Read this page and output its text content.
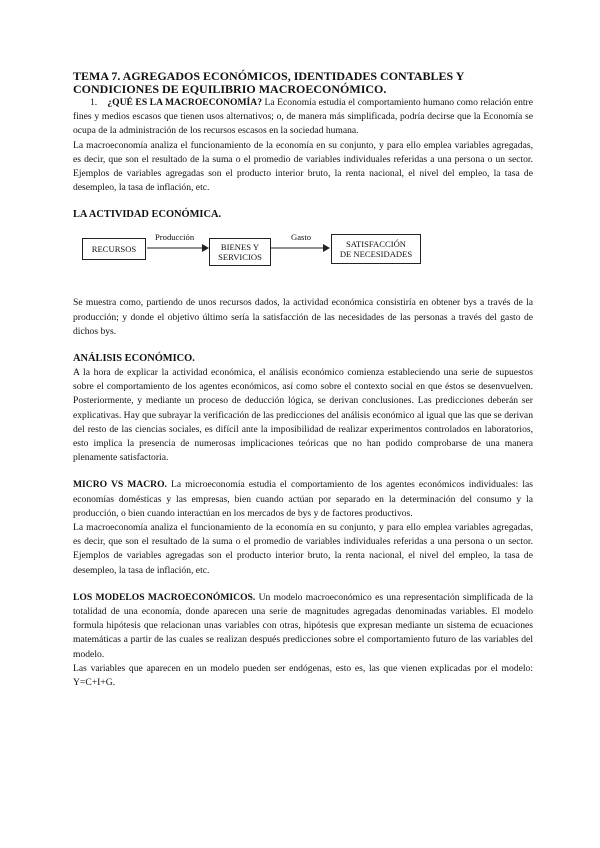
TEMA 7. AGREGADOS ECONÓMICOS, IDENTIDADES CONTABLES Y CONDICIONES DE EQUILIBRIO MACROECONÓMICO.

1. ¿QUÉ ES LA MACROECONOMÍA? La Economía estudia el comportamiento humano como relación entre fines y medios escasos que tienen usos alternativos; o, de manera más simplificada, podría decirse que la Economía se ocupa de la administración de los recursos escasos en la sociedad humana.

La macroeconomía analiza el funcionamiento de la economía en su conjunto, y para ello emplea variables agregadas, es decir, que son el resultado de la suma o el promedio de variables individuales referidas a una persona o un sector. Ejemplos de variables agregadas son el producto interior bruto, la renta nacional, el nivel del empleo, la tasa de desempleo, la tasa de inflación, etc.

LA ACTIVIDAD ECONÓMICA.
RECURSOS
Producción
BIENES Y
SERVICIOS
Gasto
SATISFACCIÓN
DE NECESIDADES

Se muestra como, partiendo de unos recursos dados, la actividad económica consistiría en obtener bys a través de la producción; y donde el objetivo último sería la satisfacción de las necesidades de las personas a través del gasto de dichos bys.

ANÁLISIS ECONÓMICO.

A la hora de explicar la actividad económica, el análisis económico comienza estableciendo una serie de supuestos sobre el comportamiento de los agentes económicos, así como sobre el contexto social en que éstos se desenvuelven. Posteriormente, y mediante un proceso de deducción lógica, se derivan conclusiones. Las predicciones deberán ser explicativas. Hay que subrayar la verificación de las predicciones del análisis económico al igual que las que se derivan del resto de las ciencias sociales, es difícil ante la imposibilidad de realizar experimentos controlados en laboratorios, esto implica la presencia de numerosas implicaciones teóricas que no han podido comprobarse de una manera plenamente satisfactoria.

MICRO VS MACRO. La microeconomía estudia el comportamiento de los agentes económicos individuales: las economías domésticas y las empresas, bien cuando actúan por separado en la determinación del consumo y la producción, o bien cuando interactúan en los mercados de bys y de factores productivos.

La macroeconomía analiza el funcionamiento de la economía en su conjunto, y para ello emplea variables agregadas, es decir, que son el resultado de la suma o el promedio de variables individuales referidas a una persona o un sector. Ejemplos de variables agregadas son el producto interior bruto, la renta nacional, el nivel del empleo, la tasa de desempleo, la tasa de inflación, etc.

LOS MODELOS MACROECONÓMICOS. Un modelo macroeconómico es una representación simplificada de la totalidad de una economía, donde aparecen una serie de magnitudes agregadas denominadas variables. El modelo formula hipótesis que relacionan unas variables con otras, hipótesis que expresan mediante un sistema de ecuaciones matemáticas a partir de las cuales se realizan después predicciones sobre el comportamiento futuro de las variables del modelo.

Las variables que aparecen en un modelo pueden ser endógenas, esto es, las que vienen explicadas por el modelo: Y=C+I+G.
